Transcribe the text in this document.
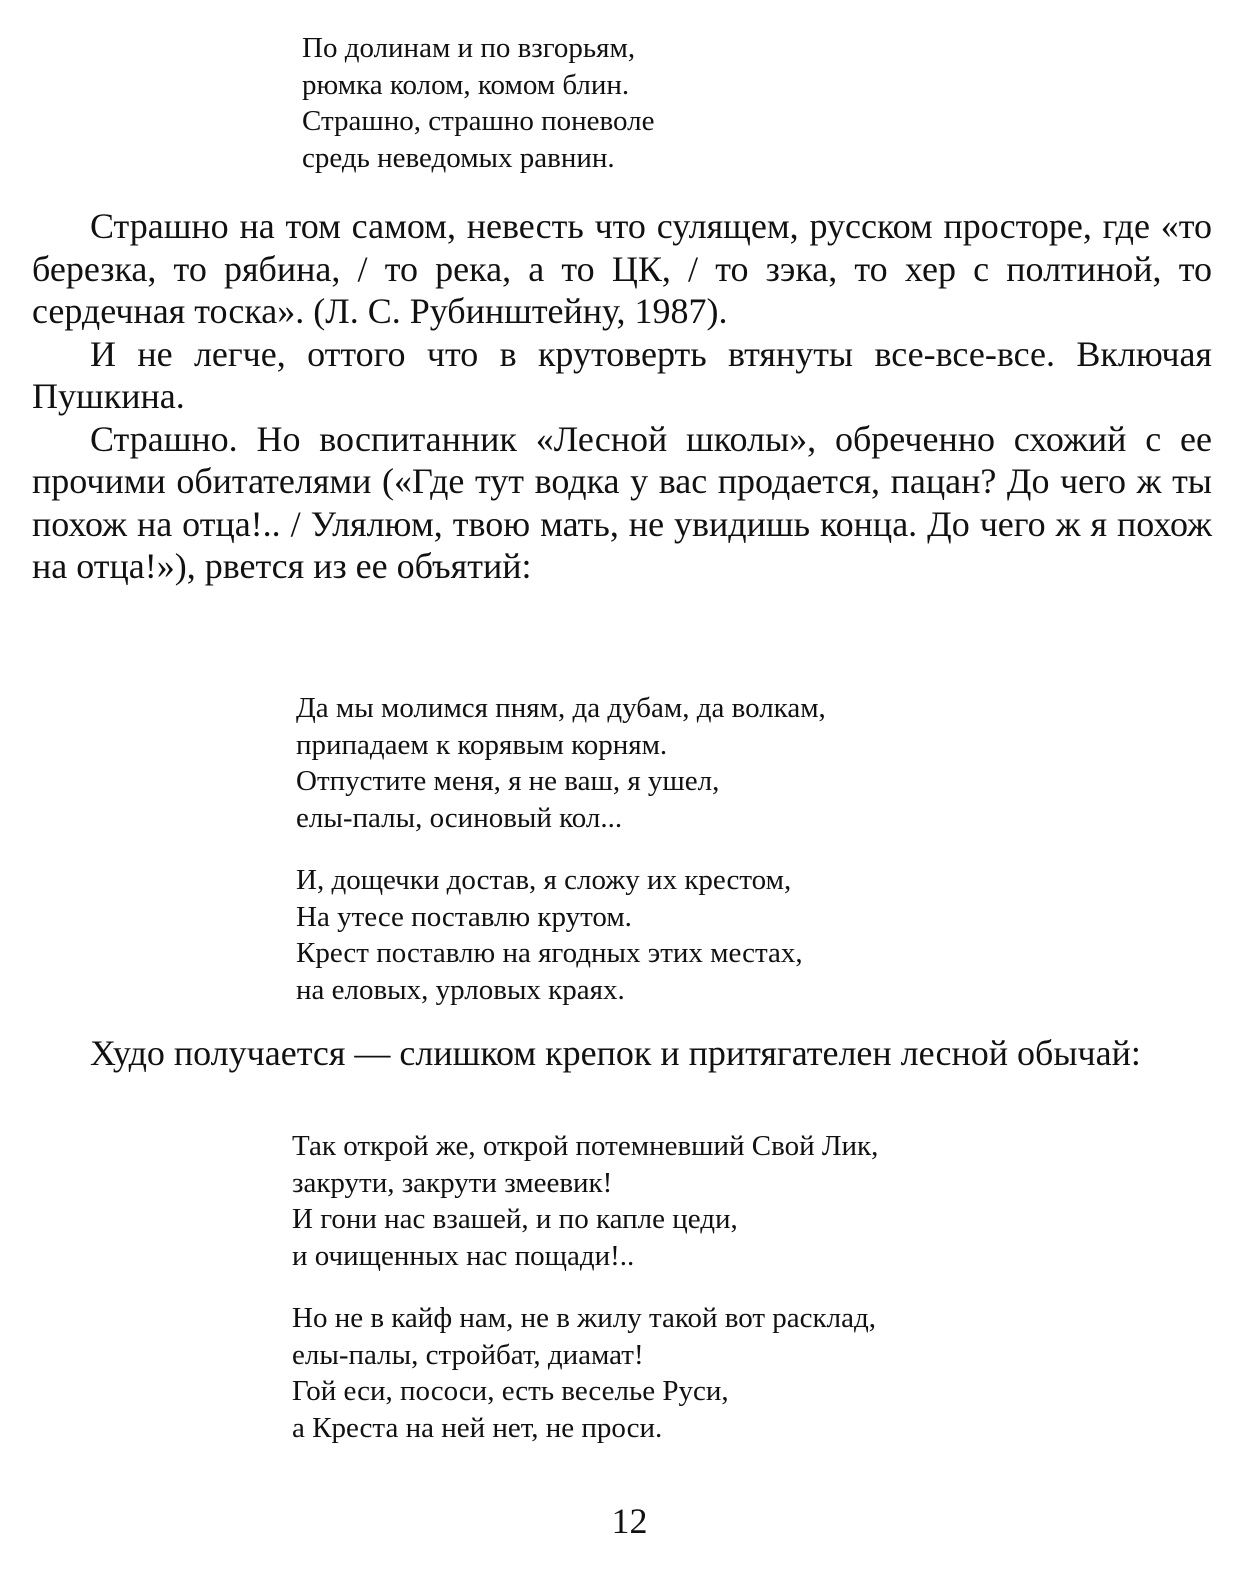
По долинам и по взгорьям,
рюмка колом, комом блин.
Страшно, страшно поневоле
средь неведомых равнин.

Страшно на том самом, невесть что сулящем, русском просторе, где «то березка, то рябина, / то река, а то ЦК, / то зэка, то хер с полтиной, то сердечная тоска». (Л. С. Рубинштейну, 1987).

И не легче, оттого что в крутоверть втянуты все-все-все. Включая Пушкина.

Страшно. Но воспитанник «Лесной школы», обреченно схожий с ее прочими обитателями («Где тут водка у вас продается, пацан? До чего ж ты похож на отца!.. / Улялюм, твою мать, не увидишь конца. До чего ж я похож на отца!»), рвется из ее объятий:

Да мы молимся пням, да дубам, да волкам,
припадаем к корявым корням.
Отпустите меня, я не ваш, я ушел,
елы-палы, осиновый кол...
И, дощечки достав, я сложу их крестом,
На утесе поставлю крутом.
Крест поставлю на ягодных этих местах,
на еловых, урловых краях.

Худо получается — слишком крепок и притягателен лесной обычай:

Так открой же, открой потемневший Свой Лик,
закрути, закрути змеевик!
И гони нас взашей, и по капле цеди,
и очищенных нас пощади!..
Но не в кайф нам, не в жилу такой вот расклад,
елы-палы, стройбат, диамат!
Гой еси, пососи, есть веселье Руси,
а Креста на ней нет, не проси.
12
